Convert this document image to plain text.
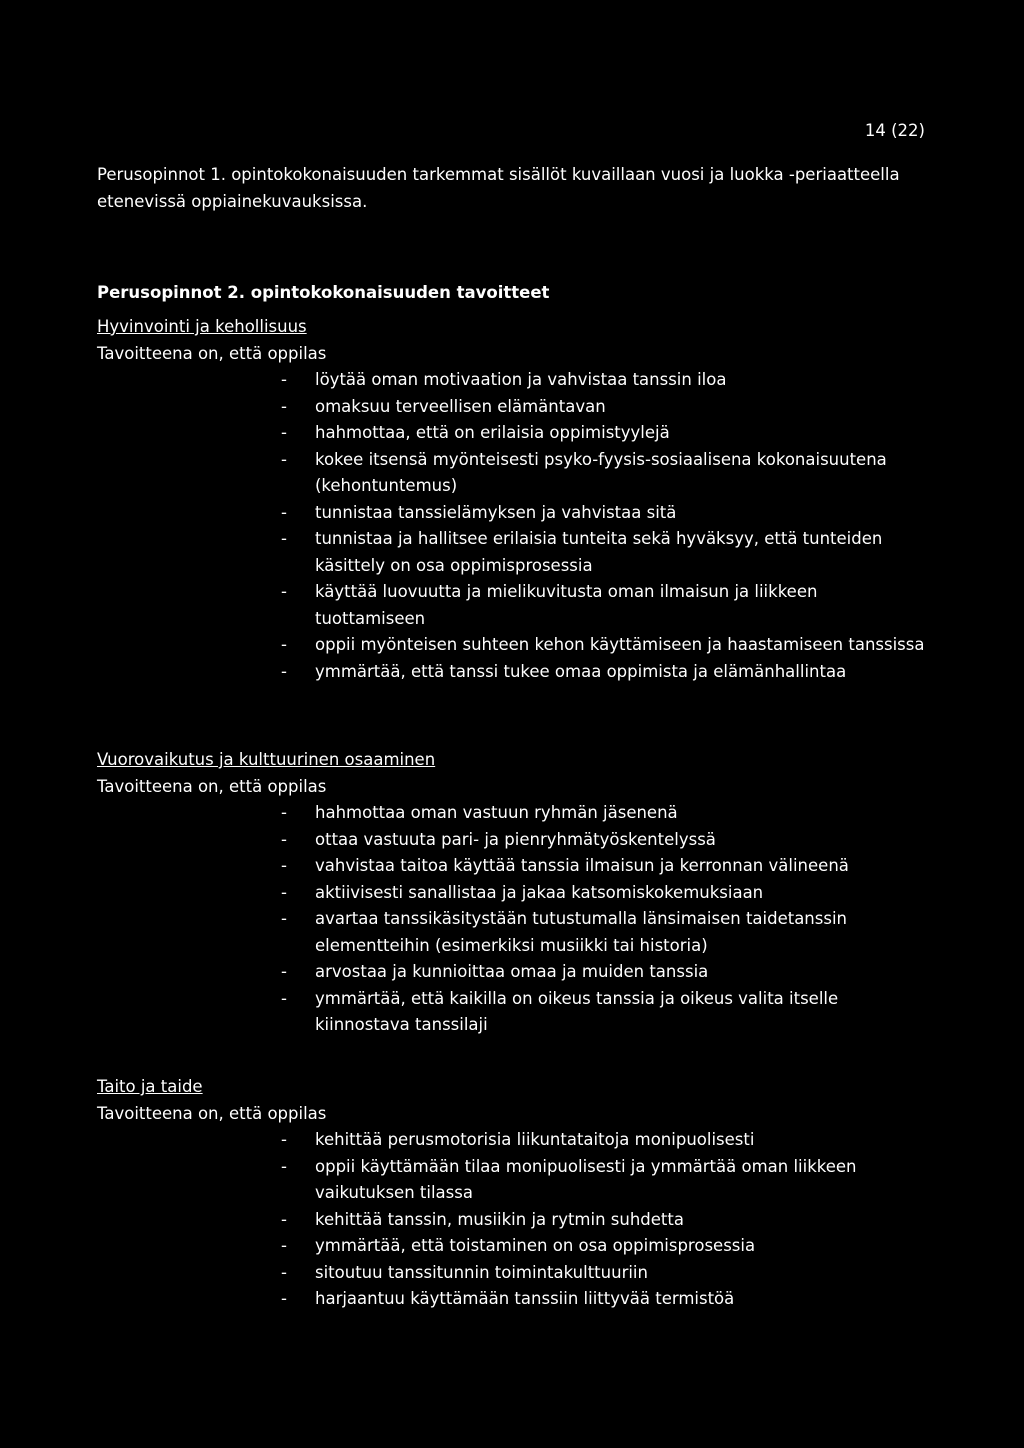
14 (22)
Perusopinnot 1. opintokokonaisuuden tarkemmat sisällöt kuvaillaan vuosi ja luokka -periaatteella etenevissä oppiainekuvauksissa.
Perusopinnot 2. opintokokonaisuuden tavoitteet
Hyvinvointi ja kehollisuus
Tavoitteena on, että oppilas
- löytää oman motivaation ja vahvistaa tanssin iloa
- omaksuu terveellisen elämäntavan
- hahmottaa, että on erilaisia oppimistyylejä
- kokee itsensä myönteisesti psyko-fyysis-sosiaalisena kokonaisuutena (kehontuntemus)
- tunnistaa tanssielämyksen ja vahvistaa sitä
- tunnistaa ja hallitsee erilaisia tunteita sekä hyväksyy, että tunteiden käsittely on osa oppimisprosessia
- käyttää luovuutta ja mielikuvitusta oman ilmaisun ja liikkeen tuottamiseen
- oppii myönteisen suhteen kehon käyttämiseen ja haastamiseen tanssissa
- ymmärtää, että tanssi tukee omaa oppimista ja elämänhallintaa
Vuorovaikutus ja kulttuurinen osaaminen
Tavoitteena on, että oppilas
- hahmottaa oman vastuun ryhmän jäsenenä
- ottaa vastuuta pari- ja pienryhmätyöskentelyssä
- vahvistaa taitoa käyttää tanssia ilmaisun ja kerronnan välineenä
- aktiivisesti sanallistaa ja jakaa katsomiskokemuksiaan
- avartaa tanssikäsitystään tutustumalla länsimaisen taidetanssin elementteihin (esimerkiksi musiikki tai historia)
- arvostaa ja kunnioittaa omaa ja muiden tanssia
- ymmärtää, että kaikilla on oikeus tanssia ja oikeus valita itselle kiinnostava tanssilaji
Taito ja taide
Tavoitteena on, että oppilas
- kehittää perusmotorisia liikuntataitoja monipuolisesti
- oppii käyttämään tilaa monipuolisesti ja ymmärtää oman liikkeen vaikutuksen tilassa
- kehittää tanssin, musiikin ja rytmin suhdetta
- ymmärtää, että toistaminen on osa oppimisprosessia
- sitoutuu tanssitunnin toimintakulttuuriin
- harjaantuu käyttämään tanssiin liittyvää termistöä
